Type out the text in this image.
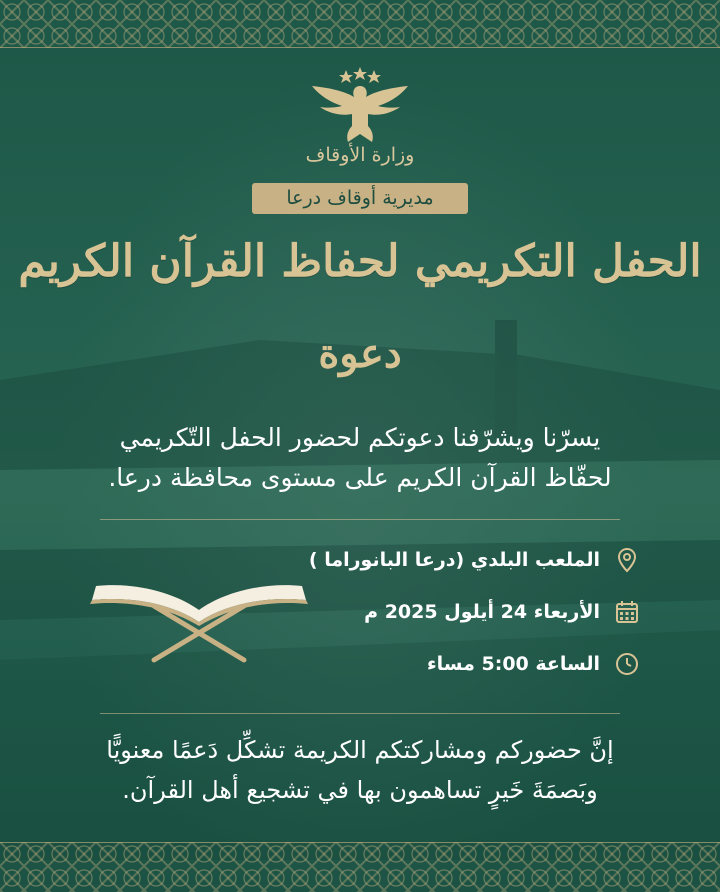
وزارة الأوقاف
مديرية أوقاف درعا
الحفل التكريمي لحفاظ القرآن الكريم
دعوة
يسرّنا ويشرّفنا دعوتكم لحضور الحفل التّكريمي
لحفّاظ القرآن الكريم على مستوى محافظة درعا.
الملعب البلدي (درعا البانوراما )
الأربعاء 24 أيلول 2025 م
الساعة 5:00 مساء
إنَّ حضوركم ومشاركتكم الكريمة تشكِّل دَعمًا معنويًّا
وبَصمَةَ خَيرٍ تساهمون بها في تشجيع أهل القرآن.
